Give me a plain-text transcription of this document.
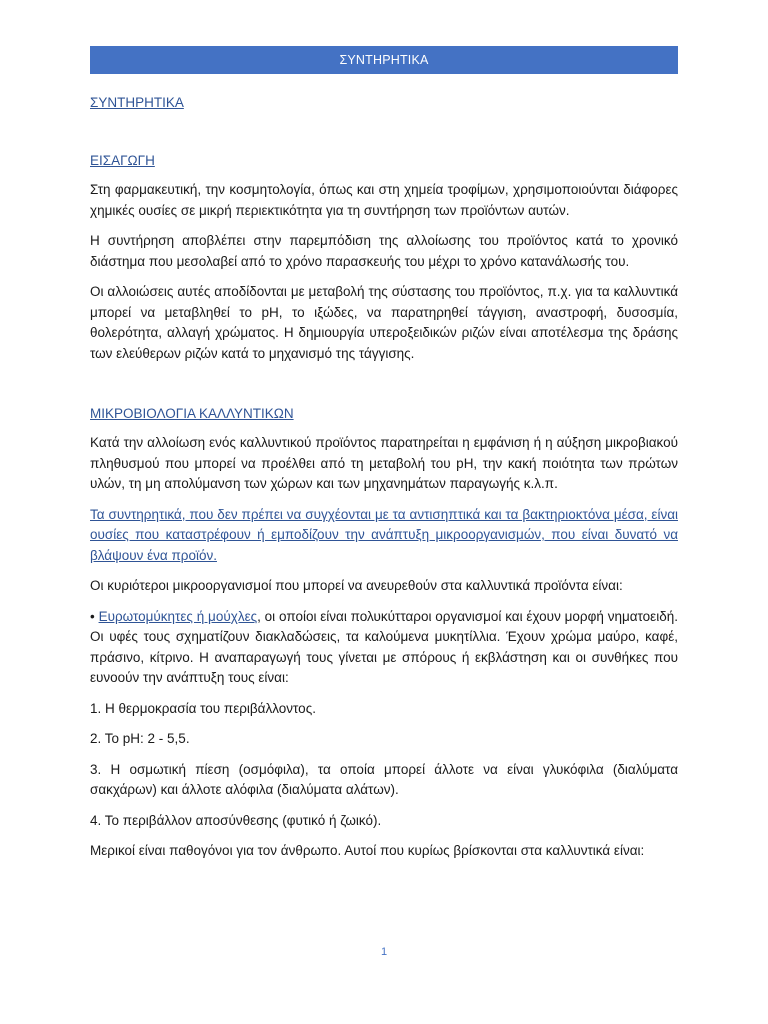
ΣΥΝΤΗΡΗΤΙΚΑ
ΣΥΝΤΗΡΗΤΙΚΑ
ΕΙΣΑΓΩΓΗ

Στη φαρμακευτική, την κοσμητολογία, όπως και στη χημεία τροφίμων, χρησιμοποιούνται διάφορες χημικές ουσίες σε μικρή περιεκτικότητα για τη συντήρηση των προϊόντων αυτών.

Η συντήρηση αποβλέπει στην παρεμπόδιση της αλλοίωσης του προϊόντος κατά το χρονικό διάστημα που μεσολαβεί από το χρόνο παρασκευής του μέχρι το χρόνο κατανάλωσής του.

Οι αλλοιώσεις αυτές αποδίδονται με μεταβολή της σύστασης του προϊόντος, π.χ. για τα καλλυντικά μπορεί να μεταβληθεί το pH, το ιξώδες, να παρατηρηθεί τάγγιση, αναστροφή, δυσοσμία, θολερότητα, αλλαγή χρώματος. Η δημιουργία υπεροξειδικών ριζών είναι αποτέλεσμα της δράσης των ελεύθερων ριζών κατά το μηχανισμό της τάγγισης.

ΜΙΚΡΟΒΙΟΛΟΓΙΑ ΚΑΛΛΥΝΤΙΚΩΝ

Κατά την αλλοίωση ενός καλλυντικού προϊόντος παρατηρείται η εμφάνιση ή η αύξηση μικροβιακού πληθυσμού που μπορεί να προέλθει από τη μεταβολή του pH, την κακή ποιότητα των πρώτων υλών, τη μη απολύμανση των χώρων και των μηχανημάτων παραγωγής κ.λ.π.

Τα συντηρητικά, που δεν πρέπει να συγχέονται με τα αντισηπτικά και τα βακτηριοκτόνα μέσα, είναι ουσίες που καταστρέφουν ή εμποδίζουν την ανάπτυξη μικροοργανισμών, που είναι δυνατό να βλάψουν ένα προϊόν.

Οι κυριότεροι μικροοργανισμοί που μπορεί να ανευρεθούν στα καλλυντικά προϊόντα είναι:

• Ευρωτομύκητες ή μούχλες, οι οποίοι είναι πολυκύτταροι οργανισμοί και έχουν μορφή νηματοειδή. Οι υφές τους σχηματίζουν διακλαδώσεις, τα καλούμενα μυκητίλλια. Έχουν χρώμα μαύρο, καφέ, πράσινο, κίτρινο. Η αναπαραγωγή τους γίνεται με σπόρους ή εκβλάστηση και οι συνθήκες που ευνοούν την ανάπτυξη τους είναι:

1. Η θερμοκρασία του περιβάλλοντος.

2. Το pH: 2 - 5,5.

3. Η οσμωτική πίεση (οσμόφιλα), τα οποία μπορεί άλλοτε να είναι γλυκόφιλα (διαλύματα σακχάρων) και άλλοτε αλόφιλα (διαλύματα αλάτων).

4. Το περιβάλλον αποσύνθεσης (φυτικό ή ζωικό).

Μερικοί είναι παθογόνοι για τον άνθρωπο. Αυτοί που κυρίως βρίσκονται στα καλλυντικά είναι:

1
